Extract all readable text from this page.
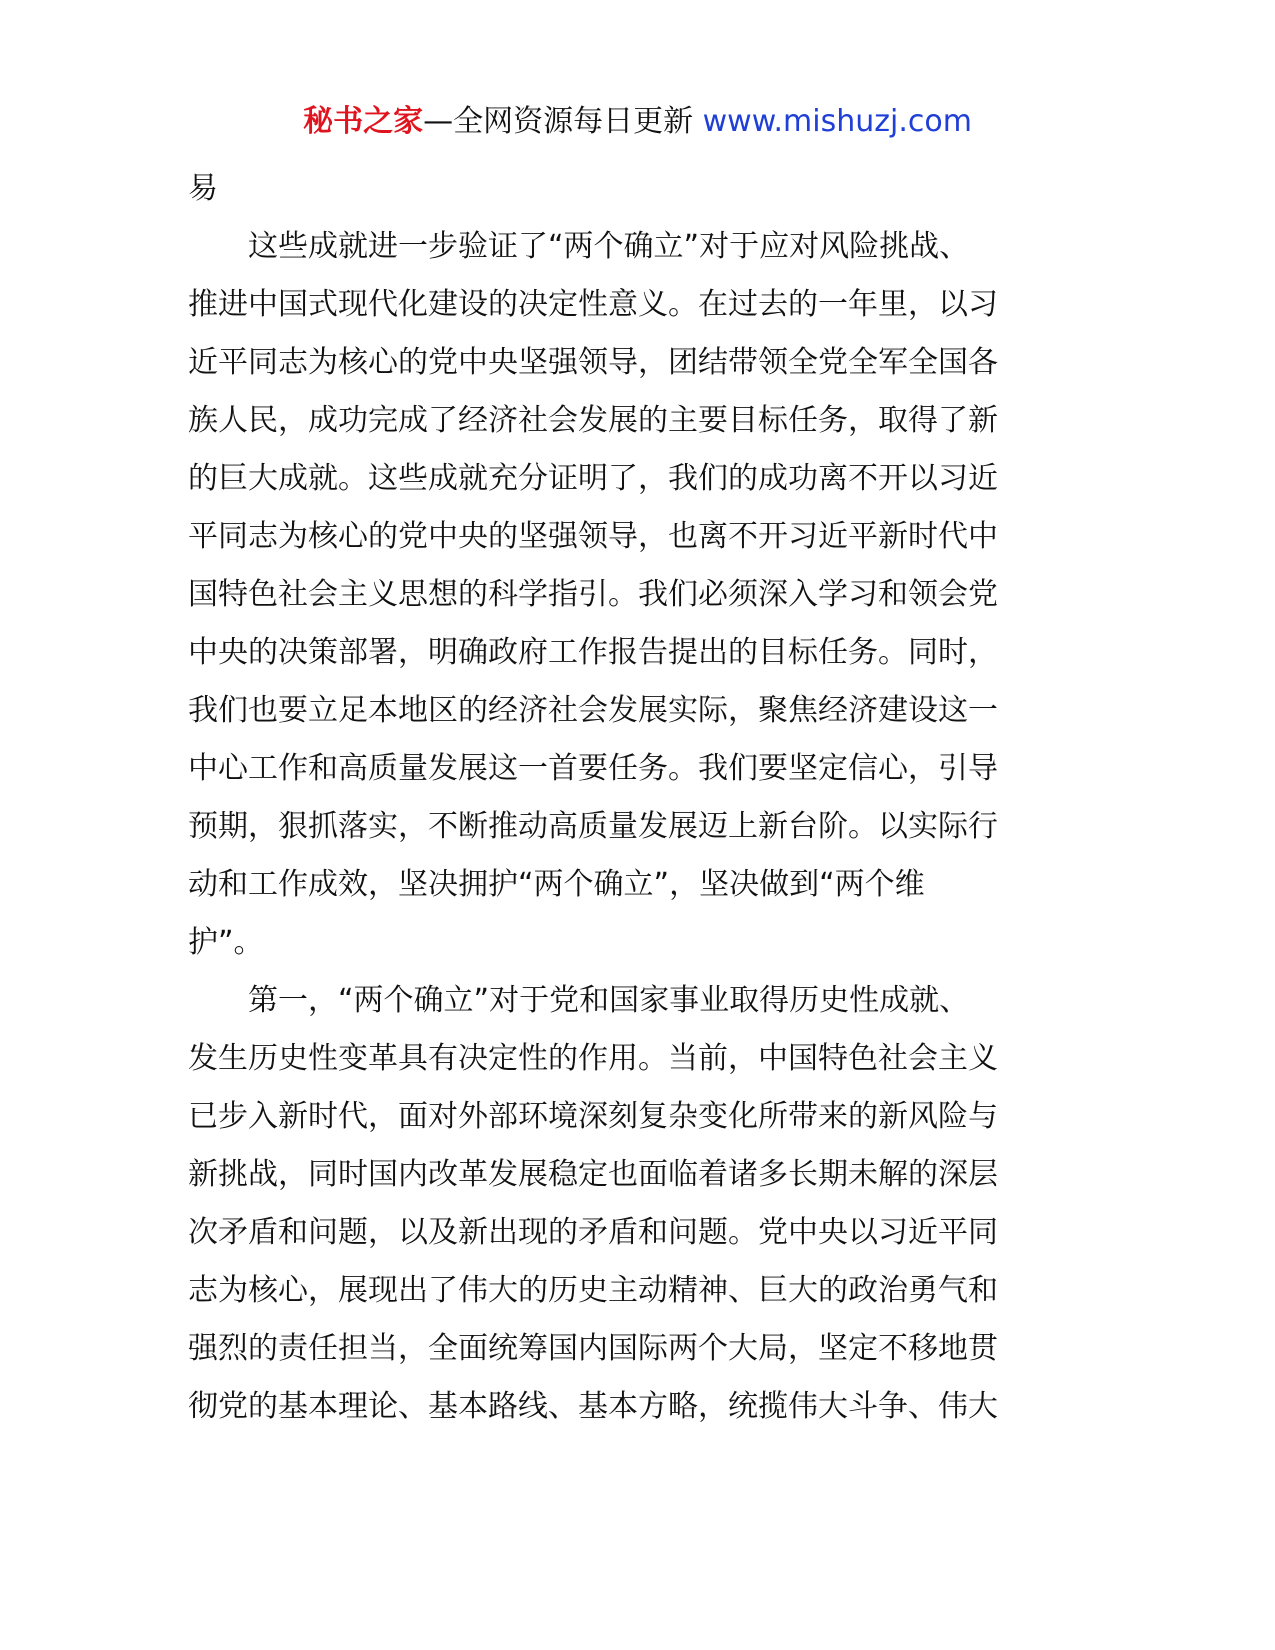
秘书之家—全网资源每日更新 www.mishuzj.com
易
　　这些成就进一步验证了“两个确立”对于应对风险挑战、
推进中国式现代化建设的决定性意义。在过去的一年里，以习
近平同志为核心的党中央坚强领导，团结带领全党全军全国各
族人民，成功完成了经济社会发展的主要目标任务，取得了新
的巨大成就。这些成就充分证明了，我们的成功离不开以习近
平同志为核心的党中央的坚强领导，也离不开习近平新时代中
国特色社会主义思想的科学指引。我们必须深入学习和领会党
中央的决策部署，明确政府工作报告提出的目标任务。同时，
我们也要立足本地区的经济社会发展实际，聚焦经济建设这一
中心工作和高质量发展这一首要任务。我们要坚定信心，引导
预期，狠抓落实，不断推动高质量发展迈上新台阶。以实际行
动和工作成效，坚决拥护“两个确立”，坚决做到“两个维
护”。
　　第一，“两个确立”对于党和国家事业取得历史性成就、
发生历史性变革具有决定性的作用。当前，中国特色社会主义
已步入新时代，面对外部环境深刻复杂变化所带来的新风险与
新挑战，同时国内改革发展稳定也面临着诸多长期未解的深层
次矛盾和问题，以及新出现的矛盾和问题。党中央以习近平同
志为核心，展现出了伟大的历史主动精神、巨大的政治勇气和
强烈的责任担当，全面统筹国内国际两个大局，坚定不移地贯
彻党的基本理论、基本路线、基本方略，统揽伟大斗争、伟大
